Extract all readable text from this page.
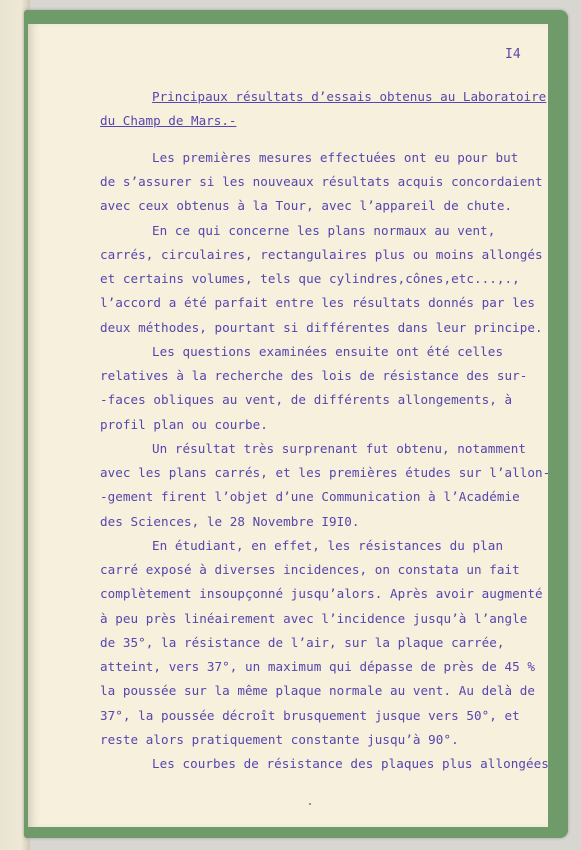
I4
Principaux résultats d’essais obtenus au Laboratoire
du Champ de Mars.-
Les premières mesures effectuées ont eu pour but
de s’assurer si les nouveaux résultats acquis concordaient
avec ceux obtenus à la Tour, avec l’appareil de chute.
En ce qui concerne les plans normaux au vent,
carrés, circulaires, rectangulaires plus ou moins allongés
et certains volumes, tels que cylindres,cônes,etc...,.,
l’accord a été parfait entre les résultats donnés par les
deux méthodes, pourtant si différentes dans leur principe.
Les questions examinées ensuite ont été celles
relatives à la recherche des lois de résistance des sur-
-faces obliques au vent, de différents allongements, à
profil plan ou courbe.
Un résultat très surprenant fut obtenu, notamment
avec les plans carrés, et les premières études sur l’allon-
-gement firent l’objet d’une Communication à l’Académie
des Sciences, le 28 Novembre I9I0.
En étudiant, en effet, les résistances du plan
carré exposé à diverses incidences, on constata un fait
complètement insoupçonné jusqu’alors. Après avoir augmenté
à peu près linéairement avec l’incidence jusqu’à l’angle
de 35°, la résistance de l’air, sur la plaque carrée,
atteint, vers 37°, un maximum qui dépasse de près de 45 %
la poussée sur la même plaque normale au vent. Au delà de
37°, la poussée décroît brusquement jusque vers 50°, et
reste alors pratiquement constante jusqu’à 90°.
Les courbes de résistance des plaques plus allongées
